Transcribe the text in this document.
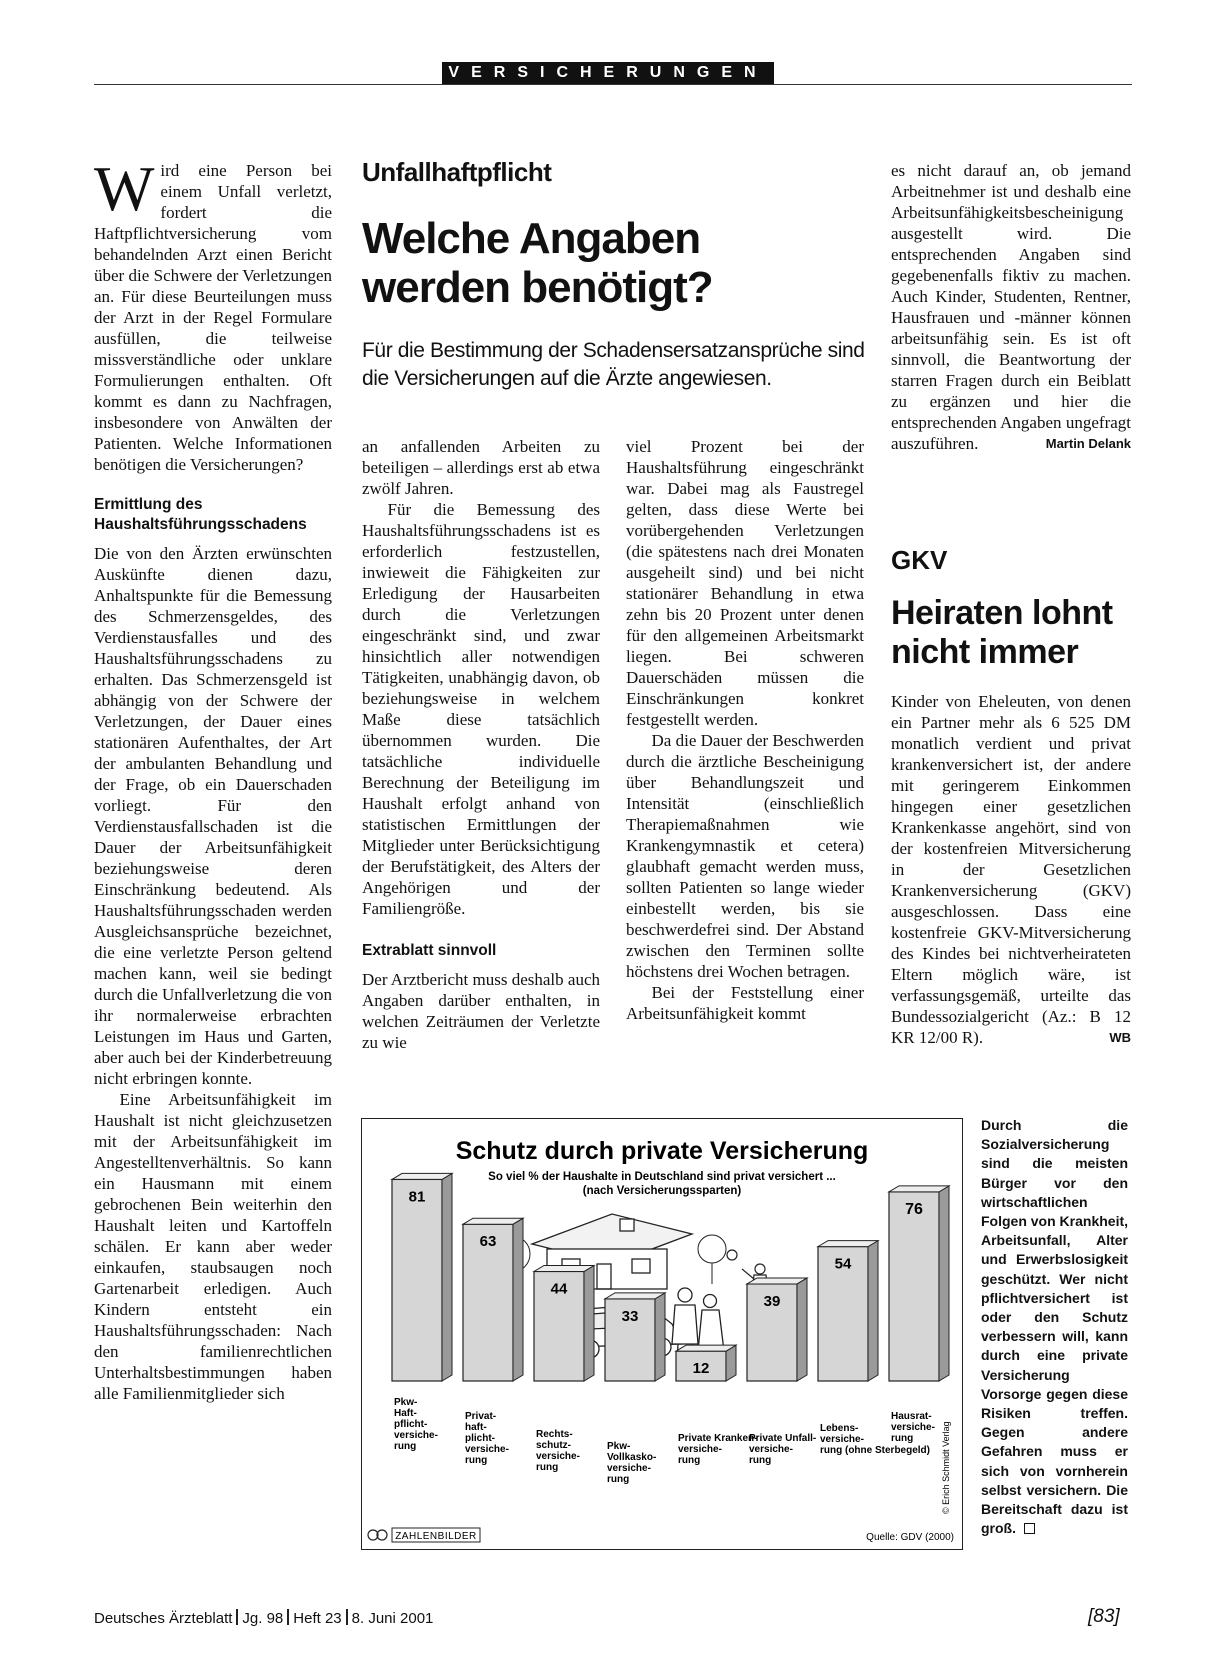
VERSICHERUNGEN

Wird eine Person bei einem Unfall verletzt, fordert die Haftpflichtversicherung vom behandelnden Arzt einen Bericht über die Schwere der Verletzungen an. Für diese Beurteilungen muss der Arzt in der Regel Formulare ausfüllen, die teilweise missverständliche oder unklare Formulierungen enthalten. Oft kommt es dann zu Nachfragen, insbesondere von Anwälten der Patienten. Welche Informationen benötigen die Versicherungen?

Ermittlung des Haushaltsführungsschadens

Die von den Ärzten erwünschten Auskünfte dienen dazu, Anhaltspunkte für die Bemessung des Schmerzensgeldes, des Verdienstausfalles und des Haushaltsführungsschadens zu erhalten. Das Schmerzensgeld ist abhängig von der Schwere der Verletzungen, der Dauer eines stationären Aufenthaltes, der Art der ambulanten Behandlung und der Frage, ob ein Dauerschaden vorliegt. Für den Verdienstausfallschaden ist die Dauer der Arbeitsunfähigkeit beziehungsweise deren Einschränkung bedeutend. Als Haushaltsführungsschaden werden Ausgleichsansprüche bezeichnet, die eine verletzte Person geltend machen kann, weil sie bedingt durch die Unfallverletzung die von ihr normalerweise erbrachten Leistungen im Haus und Garten, aber auch bei der Kinderbetreuung nicht erbringen konnte.

Eine Arbeitsunfähigkeit im Haushalt ist nicht gleichzusetzen mit der Arbeitsunfähigkeit im Angestelltenverhältnis. So kann ein Hausmann mit einem gebrochenen Bein weiterhin den Haushalt leiten und Kartoffeln schälen. Er kann aber weder einkaufen, staubsaugen noch Gartenarbeit erledigen. Auch Kindern entsteht ein Haushaltsführungsschaden: Nach den familienrechtlichen Unterhaltsbestimmungen haben alle Familienmitglieder sich

Unfallhaftpflicht
Welche Angaben werden benötigt?
Für die Bestimmung der Schadensersatzansprüche sind die Versicherungen auf die Ärzte angewiesen.

an anfallenden Arbeiten zu beteiligen – allerdings erst ab etwa zwölf Jahren.

Für die Bemessung des Haushaltsführungsschadens ist es erforderlich festzustellen, inwieweit die Fähigkeiten zur Erledigung der Hausarbeiten durch die Verletzungen eingeschränkt sind, und zwar hinsichtlich aller notwendigen Tätigkeiten, unabhängig davon, ob beziehungsweise in welchem Maße diese tatsächlich übernommen wurden. Die tatsächliche individuelle Berechnung der Beteiligung im Haushalt erfolgt anhand von statistischen Ermittlungen der Mitglieder unter Berücksichtigung der Berufstätigkeit, des Alters der Angehörigen und der Familiengröße.

Extrablatt sinnvoll

Der Arztbericht muss deshalb auch Angaben darüber enthalten, in welchen Zeiträumen der Verletzte zu wie

viel Prozent bei der Haushaltsführung eingeschränkt war. Dabei mag als Faustregel gelten, dass diese Werte bei vorübergehenden Verletzungen (die spätestens nach drei Monaten ausgeheilt sind) und bei nicht stationärer Behandlung in etwa zehn bis 20 Prozent unter denen für den allgemeinen Arbeitsmarkt liegen. Bei schweren Dauerschäden müssen die Einschränkungen konkret festgestellt werden.

Da die Dauer der Beschwerden durch die ärztliche Bescheinigung über Behandlungszeit und Intensität (einschließlich Therapiemaßnahmen wie Krankengymnastik et cetera) glaubhaft gemacht werden muss, sollten Patienten so lange wieder einbestellt werden, bis sie beschwerdefrei sind. Der Abstand zwischen den Terminen sollte höchstens drei Wochen betragen.

Bei der Feststellung einer Arbeitsunfähigkeit kommt

es nicht darauf an, ob jemand Arbeitnehmer ist und deshalb eine Arbeitsunfähigkeitsbescheinigung ausgestellt wird. Die entsprechenden Angaben sind gegebenenfalls fiktiv zu machen. Auch Kinder, Studenten, Rentner, Hausfrauen und -männer können arbeitsunfähig sein. Es ist oft sinnvoll, die Beantwortung der starren Fragen durch ein Beiblatt zu ergänzen und hier die entsprechenden Angaben ungefragt auszuführen.	Martin Delank

GKV
Heiraten lohnt nicht immer

Kinder von Eheleuten, von denen ein Partner mehr als 6 525 DM monatlich verdient und privat krankenversichert ist, der andere mit geringerem Einkommen hingegen einer gesetzlichen Krankenkasse angehört, sind von der kostenfreien Mitversicherung in der Gesetzlichen Krankenversicherung (GKV) ausgeschlossen. Dass eine kostenfreie GKV-Mitversicherung des Kindes bei nichtverheirateten Eltern möglich wäre, ist verfassungsgemäß, urteilte das Bundessozialgericht (Az.: B 12 KR 12/00 R).	WB

Schutz durch private Versicherung
So viel % der Haushalte in Deutschland sind privat versichert ...
(nach Versicherungssparten)
81
63
44
33
12
39
54
76
Pkw-Haft-pflicht-versiche-rung
Privat-haft-plicht-versiche-rung
Rechts-schutz-versiche-rung
Pkw-Vollkasko-versiche-rung
Private Kranken-versiche-rung
Private Unfall-versiche-rung
Lebens-versiche-rung (ohne Sterbegeld)
Hausrat-versiche-rung
ZAHLENBILDER	Quelle: GDV (2000)
© Erich Schmidt Verlag
Durch die Sozialversicherung sind die meisten Bürger vor den wirtschaftlichen Folgen von Krankheit, Arbeitsunfall, Alter und Erwerbslosigkeit geschützt. Wer nicht pflichtversichert ist oder den Schutz verbessern will, kann durch eine private Versicherung Vorsorge gegen diese Risiken treffen. Gegen andere Gefahren muss er sich von vornherein selbst versichern. Die Bereitschaft dazu ist groß.
Deutsches Ärzteblatt Jg. 98 Heft 23 8. Juni 2001	[83]
